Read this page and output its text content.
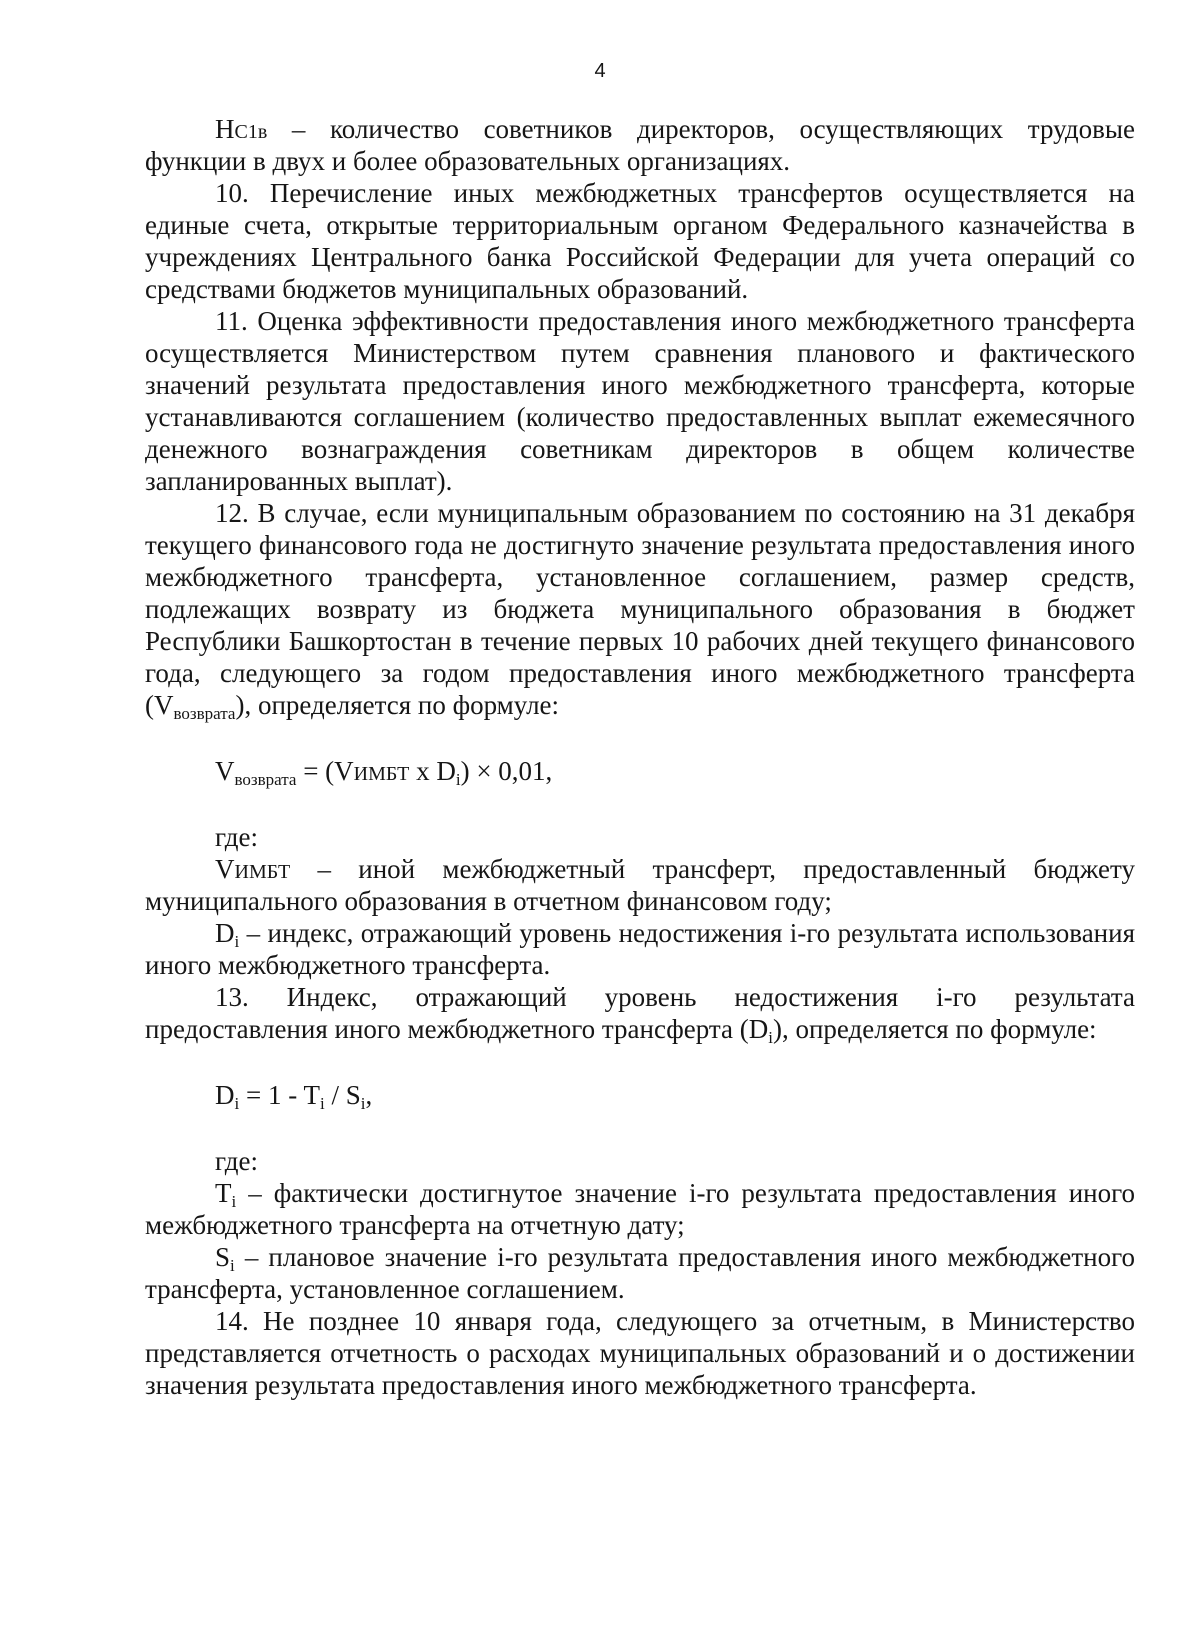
4

НС1в – количество советников директоров, осуществляющих трудовые функции в двух и более образовательных организациях.

10. Перечисление иных межбюджетных трансфертов осуществляется на единые счета, открытые территориальным органом Федерального казначейства в учреждениях Центрального банка Российской Федерации для учета операций со средствами бюджетов муниципальных образований.

11. Оценка эффективности предоставления иного межбюджетного трансферта осуществляется Министерством путем сравнения планового и фактического значений результата предоставления иного межбюджетного трансферта, которые устанавливаются соглашением (количество предоставленных выплат ежемесячного денежного вознаграждения советникам директоров в общем количестве запланированных выплат).

12. В случае, если муниципальным образованием по состоянию на 31 декабря текущего финансового года не достигнуто значение результата предоставления иного межбюджетного трансферта, установленное соглашением, размер средств, подлежащих возврату из бюджета муниципального образования в бюджет Республики Башкортостан в течение первых 10 рабочих дней текущего финансового года, следующего за годом предоставления иного межбюджетного трансферта $(V_{возврата})$, определяется по формуле:

$V_{возврата}$ = (VИМБТ x $D_i) \times 0,01$,

где:

VИМБТ – иной межбюджетный трансферт, предоставленный бюджету муниципального образования в отчетном финансовом году;

$D_i$ – индекс, отражающий уровень недостижения i-го результата использования иного межбюджетного трансферта.

13. Индекс, отражающий уровень недостижения i-го результата предоставления иного межбюджетного трансферта $(D_i)$, определяется по формуле:

$D_i = 1 - T_i / S_i$,

где:

$T_i$ – фактически достигнутое значение i-го результата предоставления иного межбюджетного трансферта на отчетную дату;

$S_i$ – плановое значение i-го результата предоставления иного межбюджетного трансферта, установленное соглашением.

14. Не позднее 10 января года, следующего за отчетным, в Министерство представляется отчетность о расходах муниципальных образований и о достижении значения результата предоставления иного межбюджетного трансферта.
